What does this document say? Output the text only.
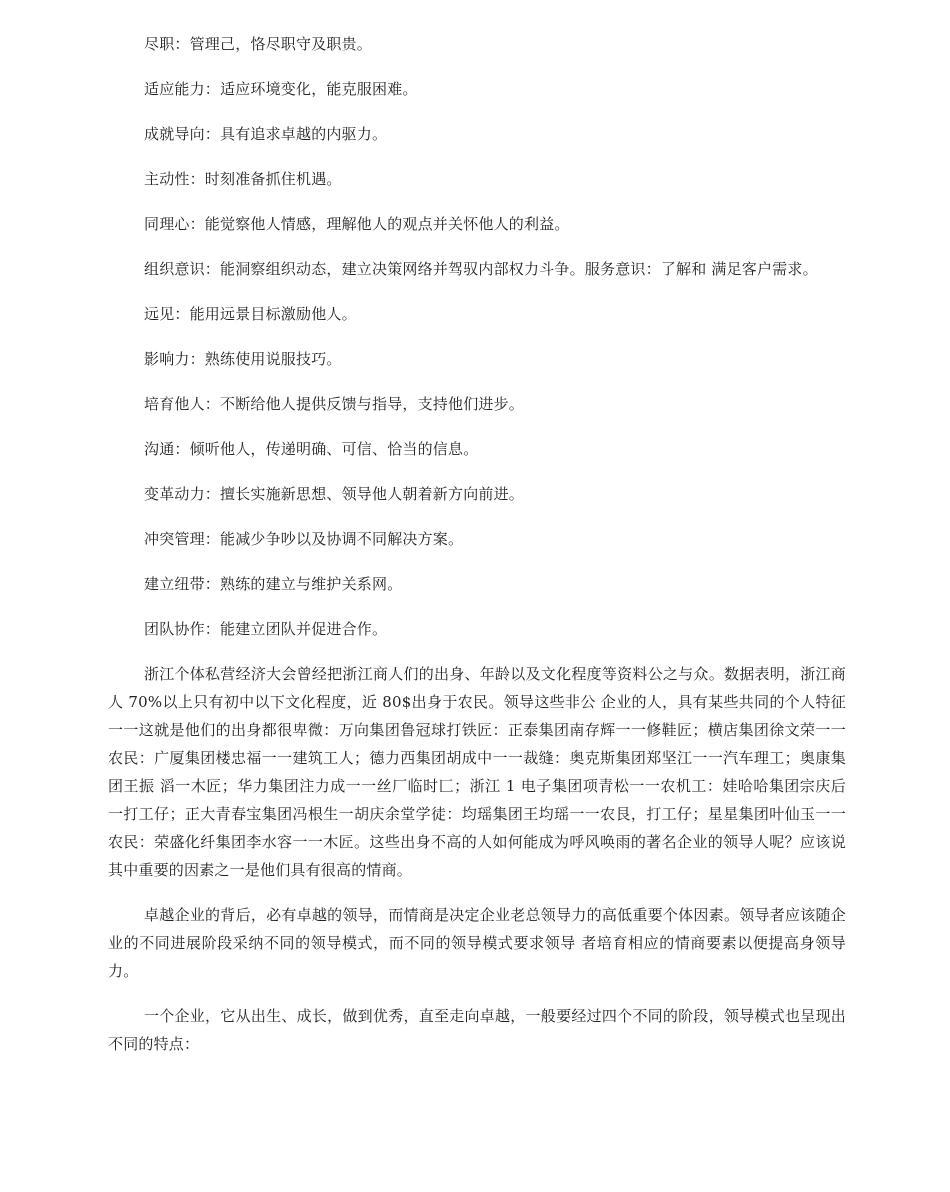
尽职：管理己，恪尽职守及职贵。

适应能力：适应环境变化，能克服困难。

成就导向：具有追求卓越的内驱力。

主动性：时刻准备抓住机遇。

同理心：能觉察他人情感，理解他人的观点并关怀他人的利益。

组织意识：能洞察组织动态，建立决策网络并驾驭内部权力斗争。服务意识：了解和 满足客户需求。

远见：能用远景目标激励他人。

影响力：熟练使用说服技巧。

培育他人：不断给他人提供反馈与指导，支持他们进步。

沟通：倾听他人，传递明确、可信、恰当的信息。

变革动力：擅长实施新思想、领导他人朝着新方向前进。

冲突管理：能减少争吵以及协调不同解决方案。

建立纽带：熟练的建立与维护关系网。

团队协作：能建立团队并促进合作。

浙江个体私营经济大会曾经把浙江商人们的出身、年龄以及文化程度等资料公之与众。数据表明，浙江商人 70%以上只有初中以下文化程度，近 80$出身于农民。领导这些非公 企业的人，具有某些共同的个人特征一一这就是他们的出身都很卑微：万向集团鲁冠球打铁匠：正泰集团南存辉一一修鞋匠；横店集团徐文荣一一农民：广厦集团楼忠福一一建筑工人；德力西集团胡成中一一裁缝：奥克斯集团郑坚江一一汽车理工；奥康集团王振 滔一木匠；华力集团注力成一一丝厂临时匚；浙江 1 电子集团项青松一一农机工：娃哈哈集团宗庆后一打工仔；正大青春宝集团冯根生一胡庆余堂学徒：均瑶集团王均瑶一一农艮，打工仔；星星集团叶仙玉一一农民：荣盛化纤集团李水容一一木匠。这些出身不高的人如何能成为呼风唤雨的著名企业的领导人呢？应该说其中重要的因素之一是他们具有很高的情商。

卓越企业的背后，必有卓越的领导，而情商是决定企业老总领导力的高低重要个体因素。领导者应该随企业的不同进展阶段采纳不同的领导模式，而不同的领导模式要求领导 者培育相应的情商要素以便提高身领导力。

一个企业，它从出生、成长，做到优秀，直至走向卓越，一般要经过四个不同的阶段，领导模式也呈现出不同的特点：
